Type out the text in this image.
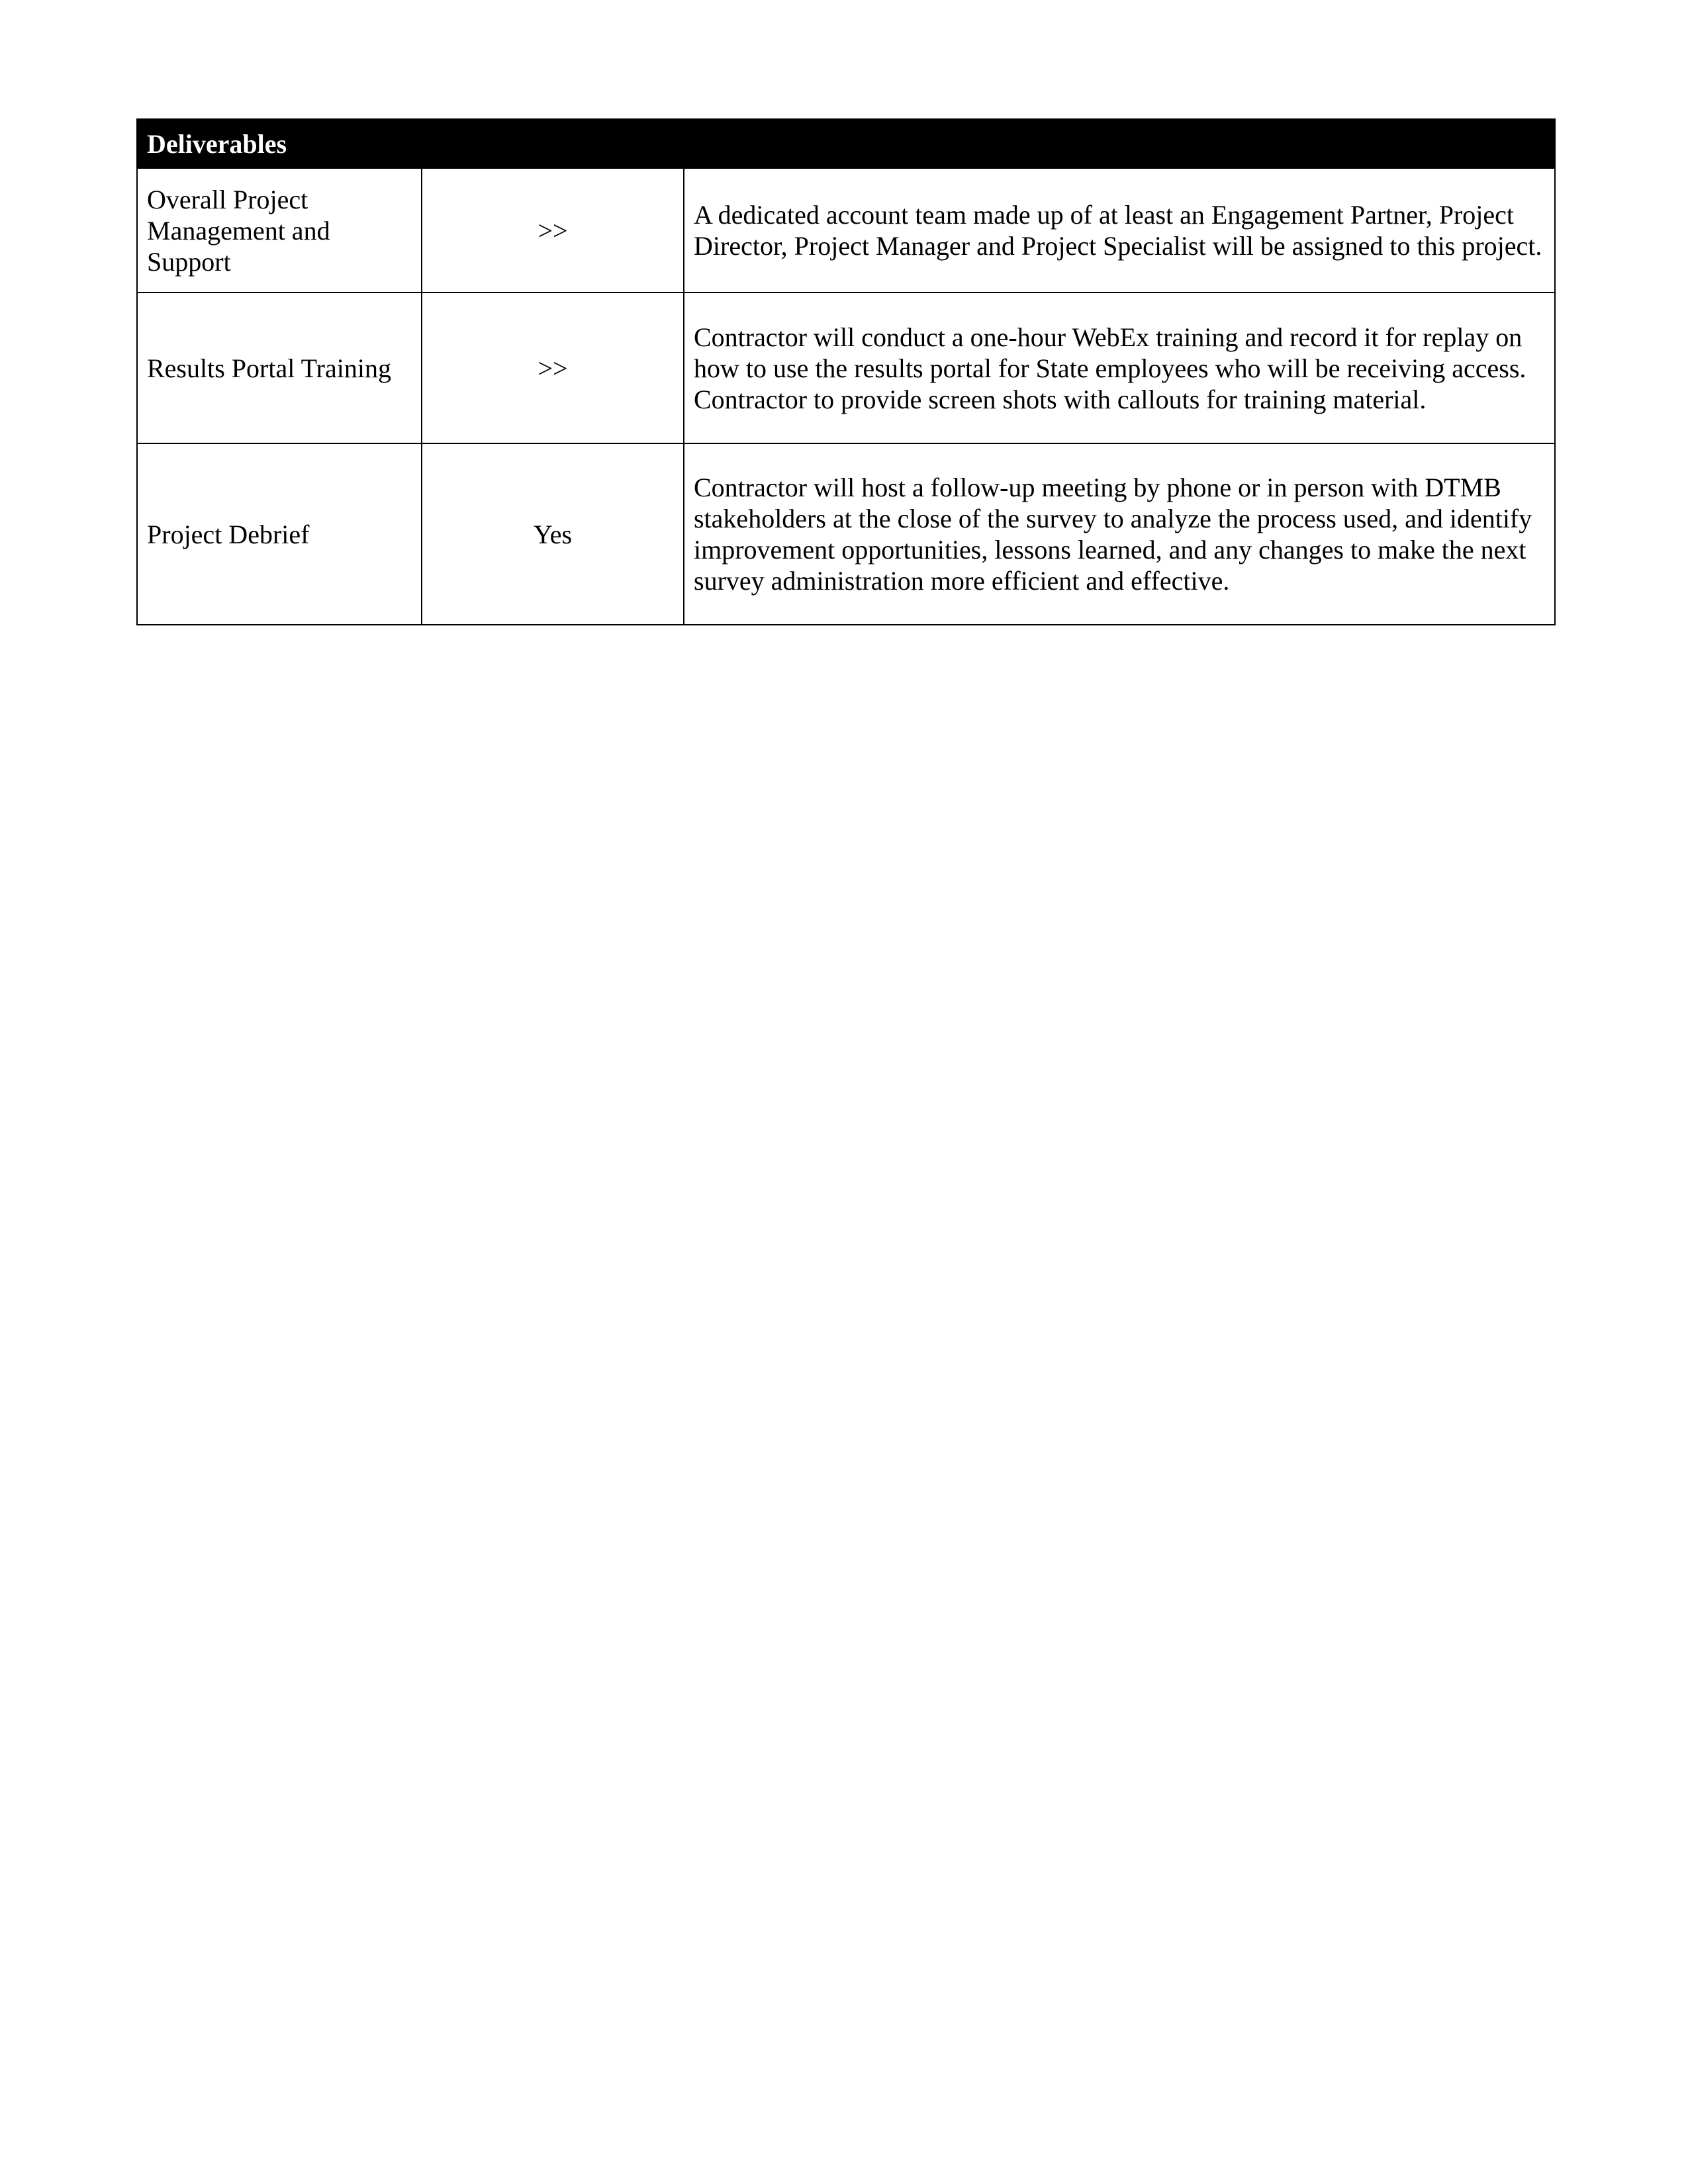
Deliverables		
Overall Project Management and Support	>>	A dedicated account team made up of at least an Engagement Partner, Project Director, Project Manager and Project Specialist will be assigned to this project.
Results Portal Training	>>	Contractor will conduct a one-hour WebEx training and record it for replay on how to use the results portal for State employees who will be receiving access. Contractor to provide screen shots with callouts for training material.
Project Debrief	Yes	Contractor will host a follow-up meeting by phone or in person with DTMB stakeholders at the close of the survey to analyze the process used, and identify improvement opportunities, lessons learned, and any changes to make the next survey administration more efficient and effective.
